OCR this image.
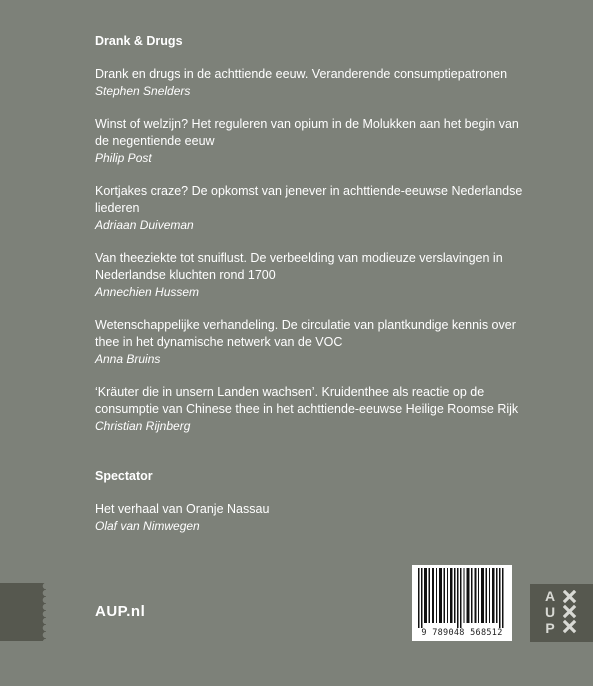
Drank & Drugs

Drank en drugs in de achttiende eeuw. Veranderende consumptiepatronen

Stephen Snelders

Winst of welzijn? Het reguleren van opium in de Molukken aan het begin van de negentiende eeuw

Philip Post

Kortjakes craze? De opkomst van jenever in achttiende-eeuwse Nederlandse liederen

Adriaan Duiveman

Van theeziekte tot snuiflust. De verbeelding van modieuze verslavingen in Nederlandse kluchten rond 1700

Annechien Hussem

Wetenschappelijke verhandeling. De circulatie van plantkundige kennis over thee in het dynamische netwerk van de VOC

Anna Bruins

‘Kräuter die in unsern Landen wachsen’. Kruidenthee als reactie op de consumptie van Chinese thee in het achttiende-eeuwse Heilige Roomse Rijk

Christian Rijnberg

Spectator

Het verhaal van Oranje Nassau

Olaf van Nimwegen

AUP.nl
9 789048 568512
A
U
P
